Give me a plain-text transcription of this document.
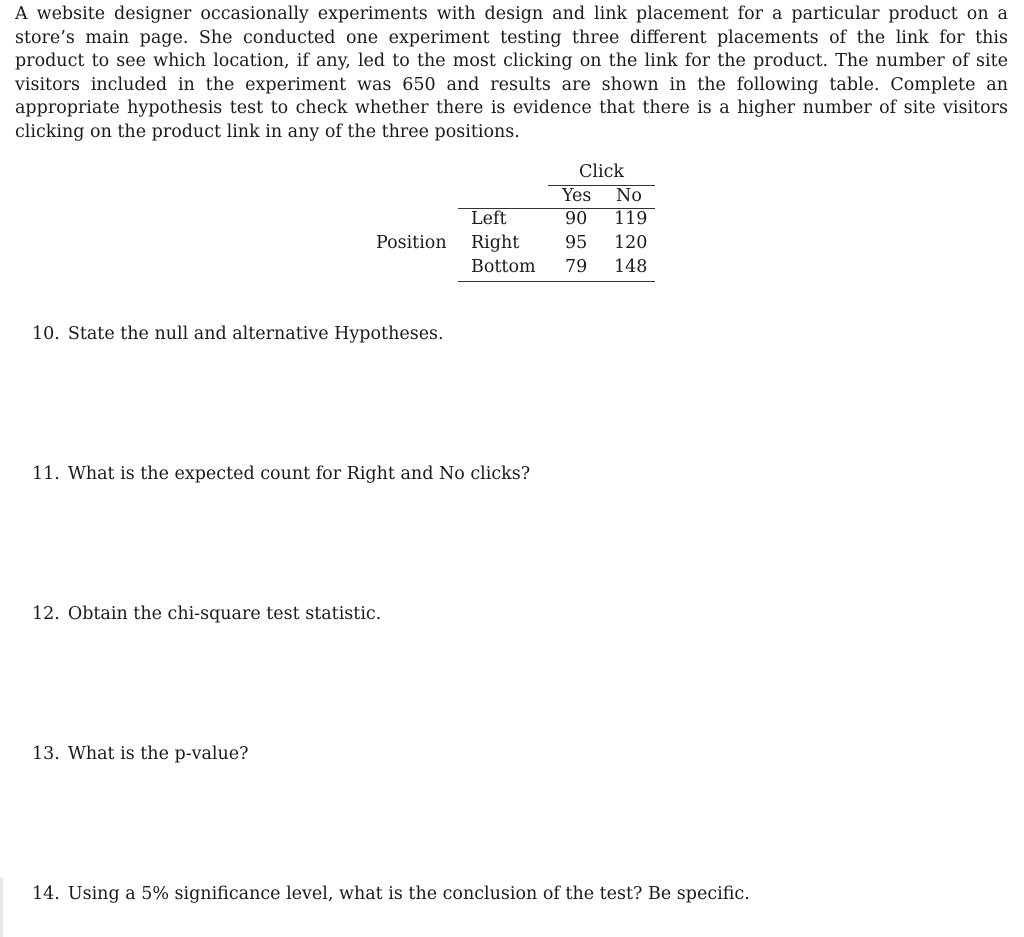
A website designer occasionally experiments with design and link placement for a particular product on a store’s main page. She conducted one experiment testing three different placements of the link for this product to see which location, if any, led to the most clicking on the link for the product. The number of site visitors included in the experiment was 650 and results are shown in the following table. Complete an appropriate hypothesis test to check whether there is evidence that there is a higher number of site visitors clicking on the product link in any of the three positions.

Click
Yes No
Position
Left	90 119
Right	95 120
Bottom 79 148

10. State the null and alternative Hypotheses.

11. What is the expected count for Right and No clicks?

12. Obtain the chi-square test statistic.

13. What is the p-value?

14. Using a 5% significance level, what is the conclusion of the test? Be specific.
